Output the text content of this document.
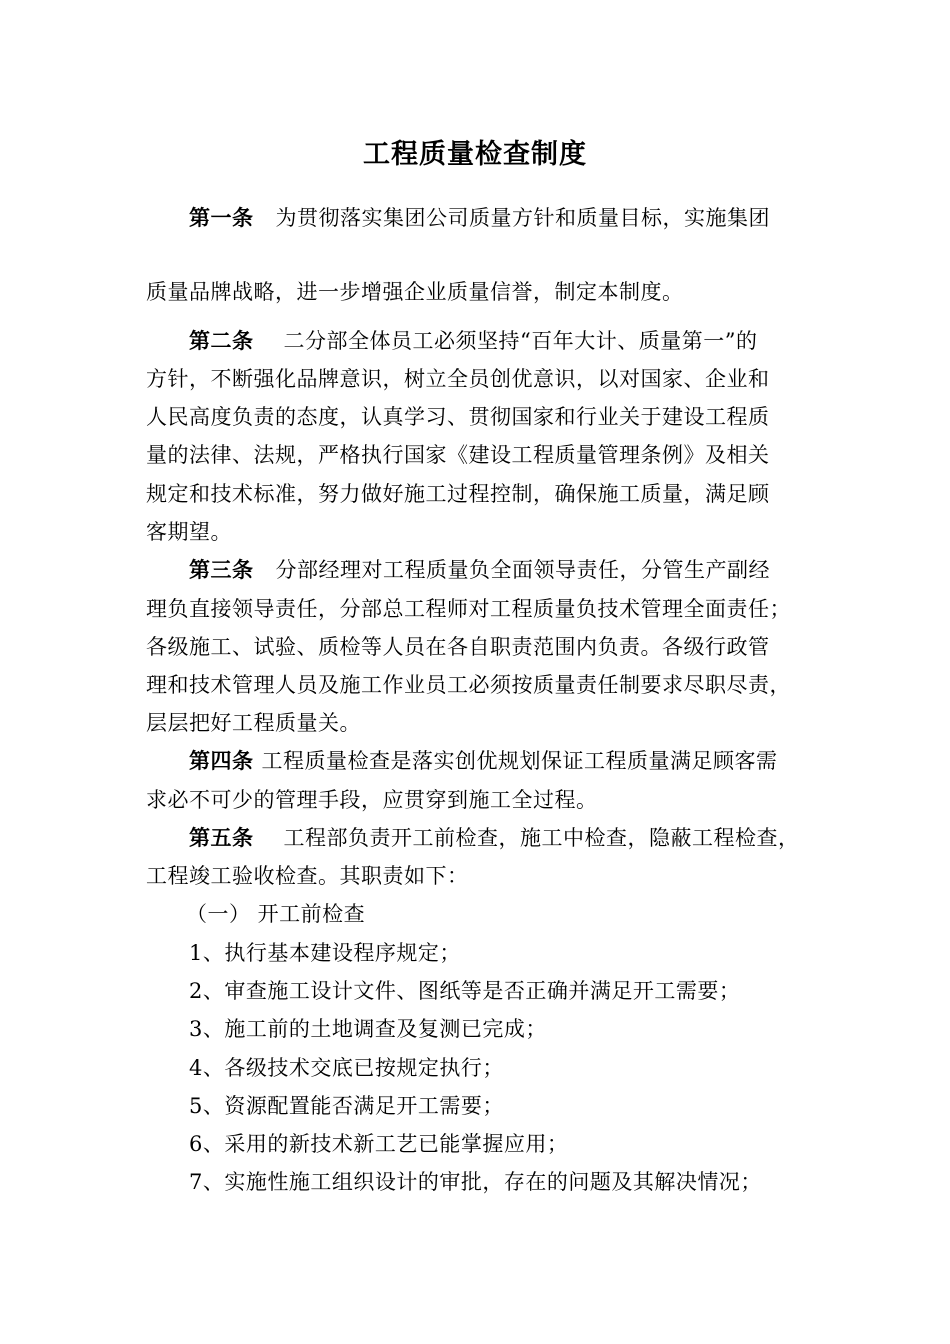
工程质量检查制度
第一条 为贯彻落实集团公司质量方针和质量目标，实施集团
质量品牌战略，进一步增强企业质量信誉，制定本制度。
第二条 二分部全体员工必须坚持“百年大计、质量第一”的
方针，不断强化品牌意识，树立全员创优意识，以对国家、企业和
人民高度负责的态度，认真学习、贯彻国家和行业关于建设工程质
量的法律、法规，严格执行国家《建设工程质量管理条例》及相关
规定和技术标准，努力做好施工过程控制，确保施工质量，满足顾
客期望。
第三条 分部经理对工程质量负全面领导责任，分管生产副经
理负直接领导责任，分部总工程师对工程质量负技术管理全面责任；
各级施工、试验、质检等人员在各自职责范围内负责。各级行政管
理和技术管理人员及施工作业员工必须按质量责任制要求尽职尽责，
层层把好工程质量关。
第四条 工程质量检查是落实创优规划保证工程质量满足顾客需
求必不可少的管理手段，应贯穿到施工全过程。
第五条 工程部负责开工前检查，施工中检查，隐蔽工程检查，
工程竣工验收检查。其职责如下：
（一） 开工前检查
1、执行基本建设程序规定；
2、审查施工设计文件、图纸等是否正确并满足开工需要；
3、施工前的土地调查及复测已完成；
4、各级技术交底已按规定执行；
5、资源配置能否满足开工需要；
6、采用的新技术新工艺已能掌握应用；
7、实施性施工组织设计的审批，存在的问题及其解决情况；
